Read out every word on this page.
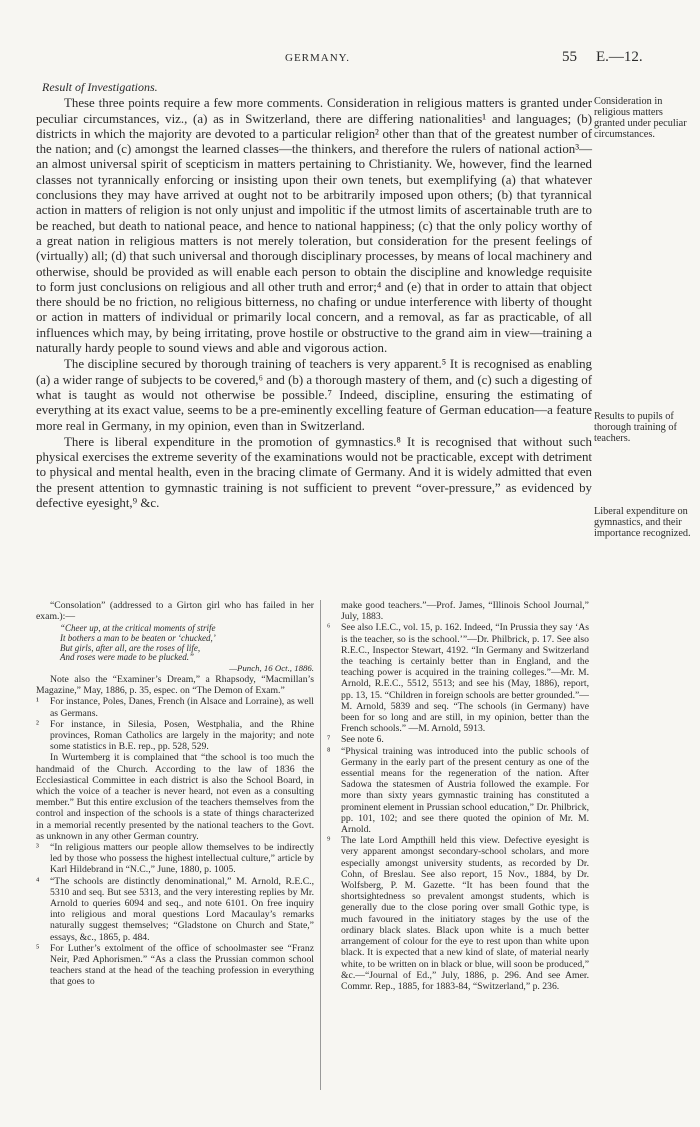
GERMANY.	55 E.—12.

Result of Investigations.

These three points require a few more comments. Consideration in religious matters is granted under peculiar circumstances, viz., (a) as in Switzerland, there are differing nationalities¹ and languages; (b) districts in which the majority are devoted to a particular religion² other than that of the greatest number of the nation; and (c) amongst the learned classes—the thinkers, and therefore the rulers of national action³—an almost universal spirit of scepticism in matters pertaining to Christianity. We, however, find the learned classes not tyrannically enforcing or insisting upon their own tenets, but exemplifying (a) that whatever conclusions they may have arrived at ought not to be arbitrarily imposed upon others; (b) that tyrannical action in matters of religion is not only unjust and impolitic if the utmost limits of ascertainable truth are to be reached, but death to national peace, and hence to national happiness; (c) that the only policy worthy of a great nation in religious matters is not merely toleration, but consideration for the present feelings of (virtually) all; (d) that such universal and thorough disciplinary processes, by means of local machinery and otherwise, should be provided as will enable each person to obtain the discipline and knowledge requisite to form just conclusions on religious and all other truth and error;⁴ and (e) that in order to attain that object there should be no friction, no religious bitterness, no chafing or undue interference with liberty of thought or action in matters of individual or primarily local concern, and a removal, as far as practicable, of all influences which may, by being irritating, prove hostile or obstructive to the grand aim in view—training a naturally hardy people to sound views and able and vigorous action.

The discipline secured by thorough training of teachers is very apparent.⁵ It is recognised as enabling (a) a wider range of subjects to be covered,⁶ and (b) a thorough mastery of them, and (c) such a digesting of what is taught as would not otherwise be possible.⁷ Indeed, discipline, ensuring the estimating of everything at its exact value, seems to be a pre-eminently excelling feature of German education—a feature more real in Germany, in my opinion, even than in Switzerland.

There is liberal expenditure in the promotion of gymnastics.⁸ It is recognised that without such physical exercises the extreme severity of the examinations would not be practicable, except with detriment to physical and mental health, even in the bracing climate of Germany. And it is widely admitted that even the present attention to gymnastic training is not sufficient to prevent “over-pressure,” as evidenced by defective eyesight,⁹ &c.

Consideration in religious matters granted under peculiar circumstances.
Results to pupils of thorough training of teachers.
Liberal expenditure on gymnastics, and their importance recognized.

“Consolation” (addressed to a Girton girl who has failed in her exam.):—

“Cheer up, at the critical moments of strife
It bothers a man to be beaten or ‘chucked,’
But girls, after all, are the roses of life,
And roses were made to be plucked.”

—Punch, 16 Oct., 1886.

Note also the “Examiner’s Dream,” a Rhapsody, “Macmillan’s Magazine,” May, 1886, p. 35, espec. on “The Demon of Exam.”

¹ For instance, Poles, Danes, French (in Alsace and Lorraine), as well as Germans.

² For instance, in Silesia, Posen, Westphalia, and the Rhine provinces, Roman Catholics are largely in the majority; and note some statistics in B.E. rep., pp. 528, 529.

In Wurtemberg it is complained that “the school is too much the handmaid of the Church. According to the law of 1836 the Ecclesiastical Committee in each district is also the School Board, in which the voice of a teacher is never heard, not even as a consulting member.” But this entire exclusion of the teachers themselves from the control and inspection of the schools is a state of things characterized in a memorial recently presented by the national teachers to the Govt. as unknown in any other German country.

³ “In religious matters our people allow themselves to be indirectly led by those who possess the highest intellectual culture,” article by Karl Hildebrand in “N.C.,” June, 1880, p. 1005.

⁴ “The schools are distinctly denominational,” M. Arnold, R.E.C., 5310 and seq. But see 5313, and the very interesting replies by Mr. Arnold to queries 6094 and seq., and note 6101. On free inquiry into religious and moral questions Lord Macaulay’s remarks naturally suggest themselves; “Gladstone on Church and State,” essays, &c., 1865, p. 484.

⁵ For Luther’s extolment of the office of schoolmaster see “Franz Neir, Pæd Aphorismen.” “As a class the Prussian common school teachers stand at the head of the teaching profession in everything that goes to

make good teachers.”—Prof. James, “Illinois School Journal,” July, 1883.

⁶ See also I.E.C., vol. 15, p. 162. Indeed, “In Prussia they say ‘As is the teacher, so is the school.’”—Dr. Philbrick, p. 17. See also R.E.C., Inspector Stewart, 4192. “In Germany and Switzerland the teaching is certainly better than in England, and the teaching power is acquired in the training colleges.”—Mr. M. Arnold, R.E.C., 5512, 5513; and see his (May, 1886), report, pp. 13, 15. “Children in foreign schools are better grounded.”—M. Arnold, 5839 and seq. “The schools (in Germany) have been for so long and are still, in my opinion, better than the French schools.” —M. Arnold, 5913.

⁷ See note 6.

⁸ “Physical training was introduced into the public schools of Germany in the early part of the present century as one of the essential means for the regeneration of the nation. After Sadowa the statesmen of Austria followed the example. For more than sixty years gymnastic training has constituted a prominent element in Prussian school education,” Dr. Philbrick, pp. 101, 102; and see there quoted the opinion of Mr. M. Arnold.

⁹ The late Lord Ampthill held this view. Defective eyesight is very apparent amongst secondary-school scholars, and more especially amongst university students, as recorded by Dr. Cohn, of Breslau. See also report, 15 Nov., 1884, by Dr. Wolfsberg, P. M. Gazette. “It has been found that the shortsightedness so prevalent amongst students, which is generally due to the close poring over small Gothic type, is much favoured in the initiatory stages by the use of the ordinary black slates. Black upon white is a much better arrangement of colour for the eye to rest upon than white upon black. It is expected that a new kind of slate, of material nearly white, to be written on in black or blue, will soon be produced,” &c.—“Journal of Ed.,” July, 1886, p. 296. And see Amer. Commr. Rep., 1885, for 1883-84, “Switzerland,” p. 236.
